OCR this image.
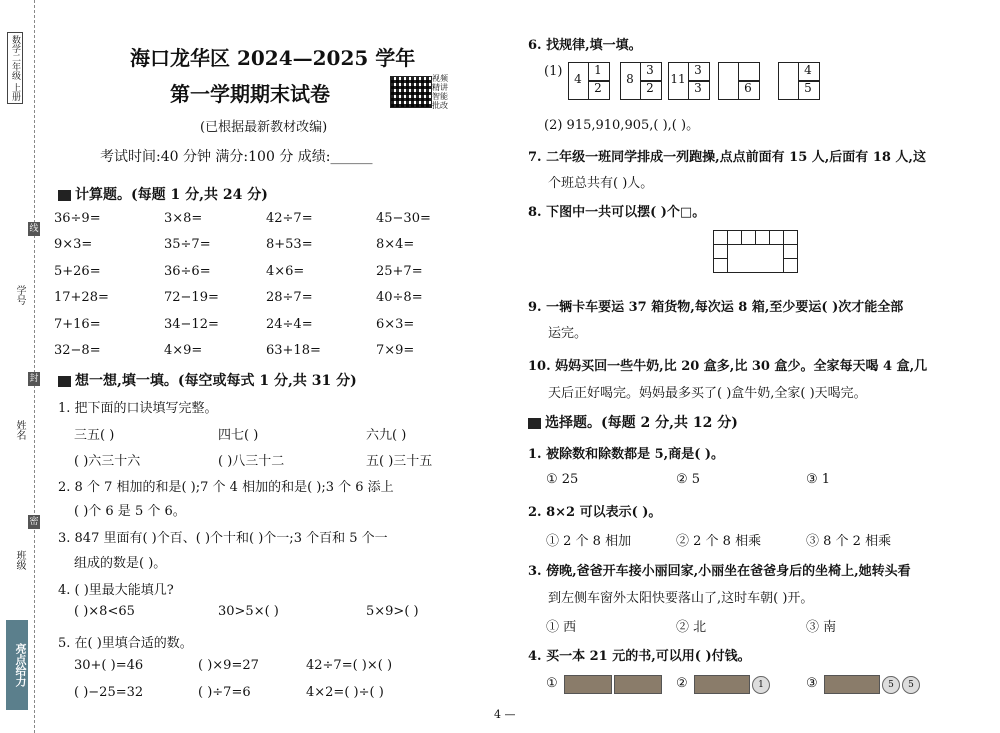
数学二年级 上册
线
学号
封
姓名
密
班级
亮点给力
海口龙华区 2024—2025 学年
第一学期期末试卷
视频精讲 智能批改
(已根据最新教材改编)
考试时间:40 分钟 满分:100 分 成绩:______
计算题。(每题 1 分,共 24 分)
36÷9=	3×8=	42÷7=	45−30=
9×3=	35÷7=	8+53=	8×4=
5+26=	36÷6=	4×6=	25+7=
17+28=	72−19=	28÷7=	40÷8=
7+16=	34−12=	24÷4=	6×3=
32−8=	4×9=	63+18=	7×9=
想一想,填一填。(每空或每式 1 分,共 31 分)
1. 把下面的口诀填写完整。
三五( )	四七( )	六九( )
( )六三十六	( )八三十二	五( )三十五
2. 8 个 7 相加的和是( );7 个 4 相加的和是( );3 个 6 添上
( )个 6 是 5 个 6。
3. 847 里面有( )个百、( )个十和( )个一;3 个百和 5 个一
组成的数是( )。
4. ( )里最大能填几?
( )×8<65	30>5×( )	5×9>( )
5. 在( )里填合适的数。
30+( )=46	( )×9=27	42÷7=( )×( )
( )−25=32	( )÷7=6	4×2=( )÷( )
6. 找规律,填一填。
(1) 4
1
2
8
3
2
11
3
3	6
4
5
(2) 915,910,905,( ),( )。
7. 二年级一班同学排成一列跑操,点点前面有 15 人,后面有 18 人,这
个班总共有( )人。
8. 下图中一共可以摆( )个□。

9. 一辆卡车要运 37 箱货物,每次运 8 箱,至少要运( )次才能全部
运完。
10. 妈妈买回一些牛奶,比 20 盒多,比 30 盒少。全家每天喝 4 盒,几
天后正好喝完。妈妈最多买了( )盒牛奶,全家( )天喝完。
选择题。(每题 2 分,共 12 分)
1. 被除数和除数都是 5,商是( )。
① 25	② 5	③ 1
2. 8×2 可以表示( )。
① 2 个 8 相加	② 2 个 8 相乘	③ 8 个 2 相乘
3. 傍晚,爸爸开车接小丽回家,小丽坐在爸爸身后的坐椅上,她转头看
到左侧车窗外太阳快要落山了,这时车朝( )开。
① 西	② 北	③ 南
4. 买一本 21 元的书,可以用( )付钱。
①	②	1	③	5	5
4 —
